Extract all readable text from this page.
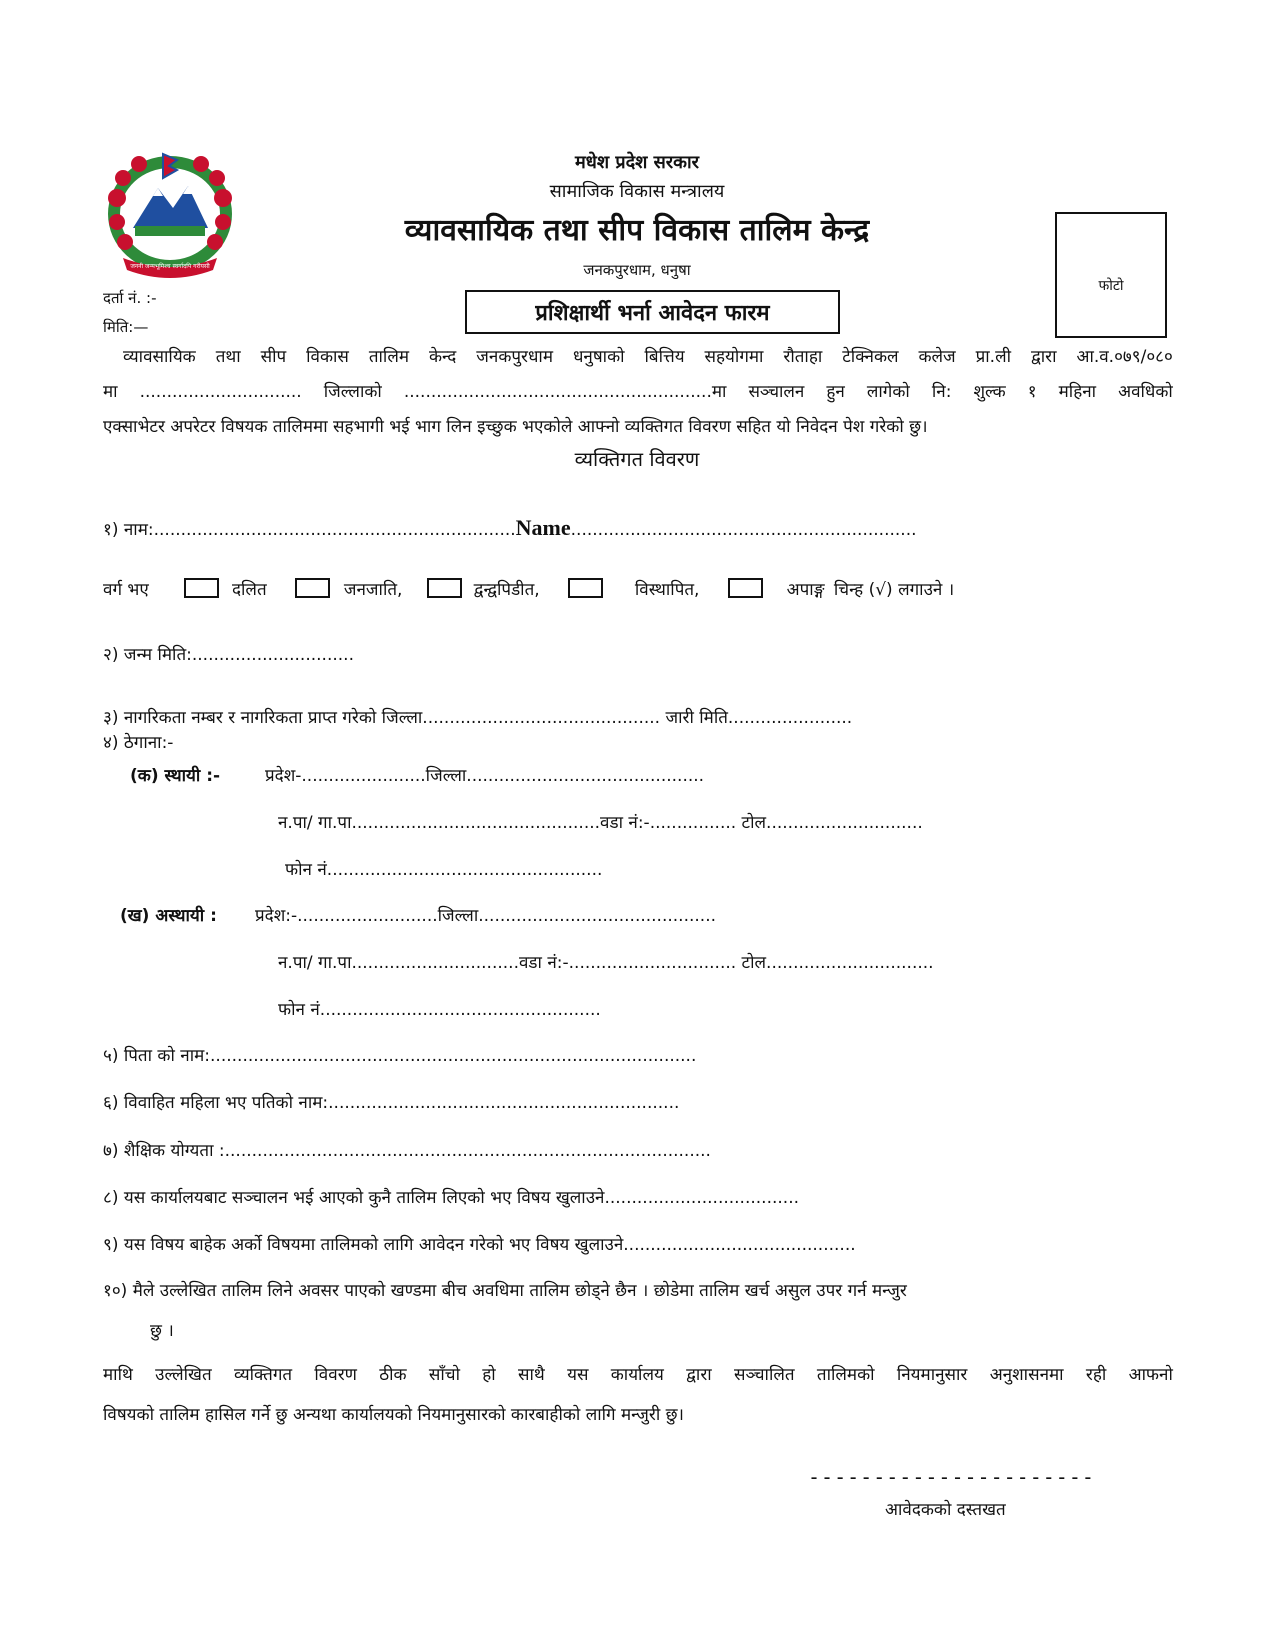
जननी जन्मभूमिश्च स्वर्गादपि गरीयसी
मधेश प्रदेश सरकार
सामाजिक विकास मन्त्रालय
व्यावसायिक तथा सीप विकास तालिम केन्द्र
जनकपुरधाम, धनुषा
प्रशिक्षार्थी भर्ना आवेदन फारम
फोटो
दर्ता नं. :-
मिति:—
व्यावसायिक तथा सीप विकास तालिम केन्द जनकपुरधाम धनुषाको बित्तिय सहयोगमा रौताहा टेक्निकल कलेज प्रा.ली द्वारा आ.व.०७९/०८०
मा .............................. जिल्लाको .........................................................मा सञ्चालन हुन लागेको नि: शुल्क १ महिना अवधिको
एक्साभेटर अपरेटर विषयक तालिममा सहभागी भई भाग लिन इच्छुक भएकोले आफ्नो व्यक्तिगत विवरण सहित यो निवेदन पेश गरेको छु।
व्यक्तिगत विवरण
१) नाम:...................................................................Name................................................................
वर्ग भए	दलित	जनजाति,	द्वन्द्वपिडीत,	विस्थापित,	अपाङ्ग चिन्ह (√) लगाउने ।
२) जन्म मिति:..............................
३) नागरिकता नम्बर र नागरिकता प्राप्त गरेको जिल्ला............................................ जारी मिति.......................
४) ठेगाना:-
(क) स्थायी :-	प्रदेश-.......................जिल्ला............................................
न.पा/ गा.पा..............................................वडा नं:-................ टोल.............................
फोन नं...................................................
(ख) अस्थायी : प्रदेश:-..........................जिल्ला............................................
न.पा/ गा.पा...............................वडा नं:-............................... टोल...............................
फोन नं....................................................
५) पिता को नाम:..........................................................................................
६) विवाहित महिला भए पतिको नाम:.................................................................
७) शैक्षिक योग्यता :..........................................................................................
८) यस कार्यालयबाट सञ्चालन भई आएको कुनै तालिम लिएको भए विषय खुलाउने....................................
९) यस विषय बाहेक अर्को विषयमा तालिमको लागि आवेदन गरेको भए विषय खुलाउने...........................................
१०) मैले उल्लेखित तालिम लिने अवसर पाएको खण्डमा बीच अवधिमा तालिम छोड्ने छैन । छोडेमा तालिम खर्च असुल उपर गर्न मन्जुर
छु ।
माथि उल्लेखित व्यक्तिगत विवरण ठीक साँचो हो साथै यस कार्यालय द्वारा सञ्चालित तालिमको नियमानुसार अनुशासनमा रही आफनो
विषयको तालिम हासिल गर्ने छु अन्यथा कार्यालयको नियमानुसारको कारबाहीको लागि मन्जुरी छु।
----------------------
आवेदकको दस्तखत
